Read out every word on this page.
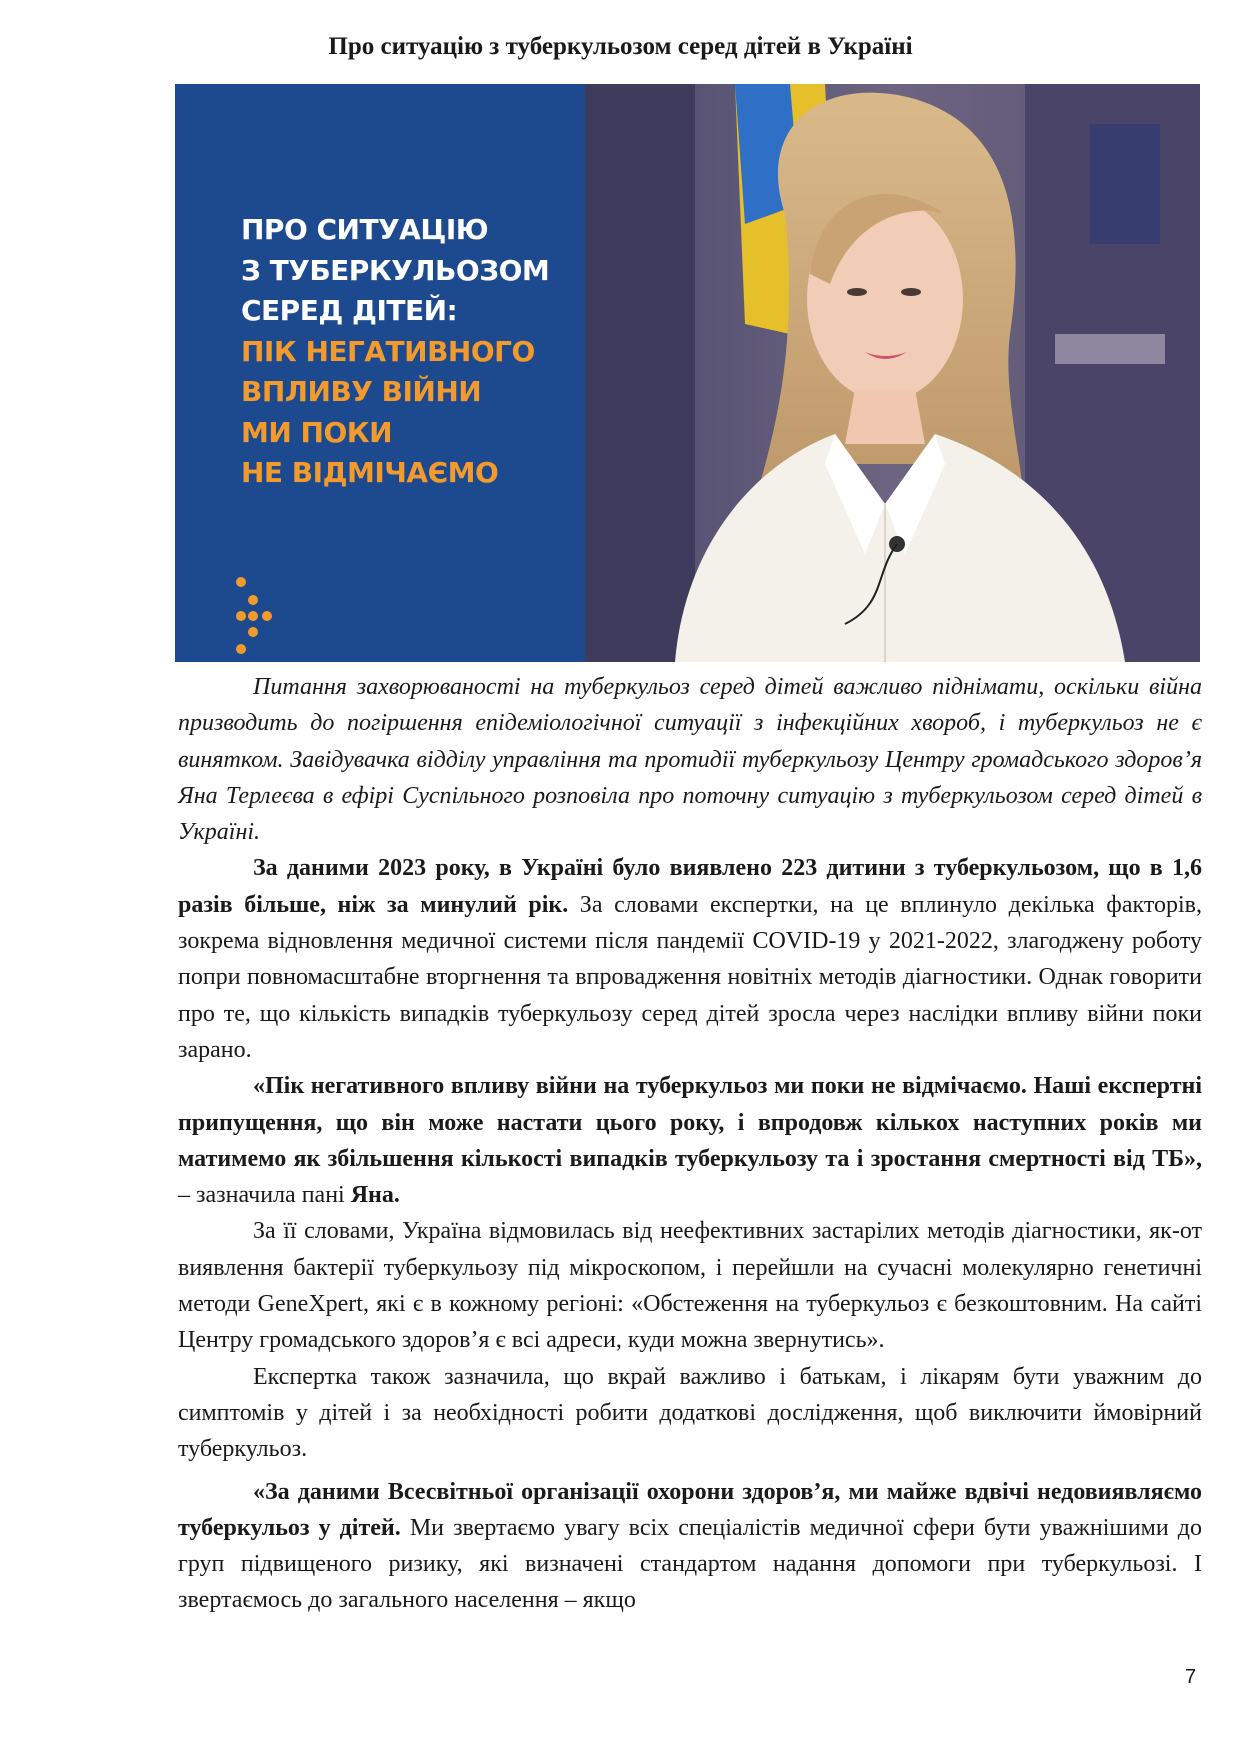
Про ситуацію з туберкульозом серед дітей в Україні
ПРО СИТУАЦІЮ
З ТУБЕРКУЛЬОЗОМ
СЕРЕД ДІТЕЙ:
ПІК НЕГАТИВНОГО
ВПЛИВУ ВІЙНИ
МИ ПОКИ
НЕ ВІДМІЧАЄМО

Питання захворюваності на туберкульоз серед дітей важливо піднімати, оскільки війна призводить до погіршення епідеміологічної ситуації з інфекційних хвороб, і туберкульоз не є винятком. Завідувачка відділу управління та протидії туберкульозу Центру громадського здоров’я Яна Терлеєва в ефірі Суспільного розповіла про поточну ситуацію з туберкульозом серед дітей в Україні.

За даними 2023 року, в Україні було виявлено 223 дитини з туберкульозом, що в 1,6 разів більше, ніж за минулий рік. За словами експертки, на це вплинуло декілька факторів, зокрема відновлення медичної системи після пандемії COVID-19 у 2021-2022, злагоджену роботу попри повномасштабне вторгнення та впровадження новітніх методів діагностики. Однак говорити про те, що кількість випадків туберкульозу серед дітей зросла через наслідки впливу війни поки зарано.

«Пік негативного впливу війни на туберкульоз ми поки не відмічаємо. Наші експертні припущення, що він може настати цього року, і впродовж кількох наступних років ми матимемо як збільшення кількості випадків туберкульозу та і зростання смертності від ТБ», – зазначила пані Яна.

За її словами, Україна відмовилась від неефективних застарілих методів діагностики, як-от виявлення бактерії туберкульозу під мікроскопом, і перейшли на сучасні молекулярно генетичні методи GeneXpert, які є в кожному регіоні: «Обстеження на туберкульоз є безкоштовним. На сайті Центру громадського здоров’я є всі адреси, куди можна звернутись».

Експертка також зазначила, що вкрай важливо і батькам, і лікарям бути уважним до симптомів у дітей і за необхідності робити додаткові дослідження, щоб виключити ймовірний туберкульоз.

«За даними Всесвітньої організації охорони здоров’я, ми майже вдвічі недовиявляємо туберкульоз у дітей. Ми звертаємо увагу всіх спеціалістів медичної сфери бути уважнішими до груп підвищеного ризику, які визначені стандартом надання допомоги при туберкульозі. І звертаємось до загального населення – якщо

7
